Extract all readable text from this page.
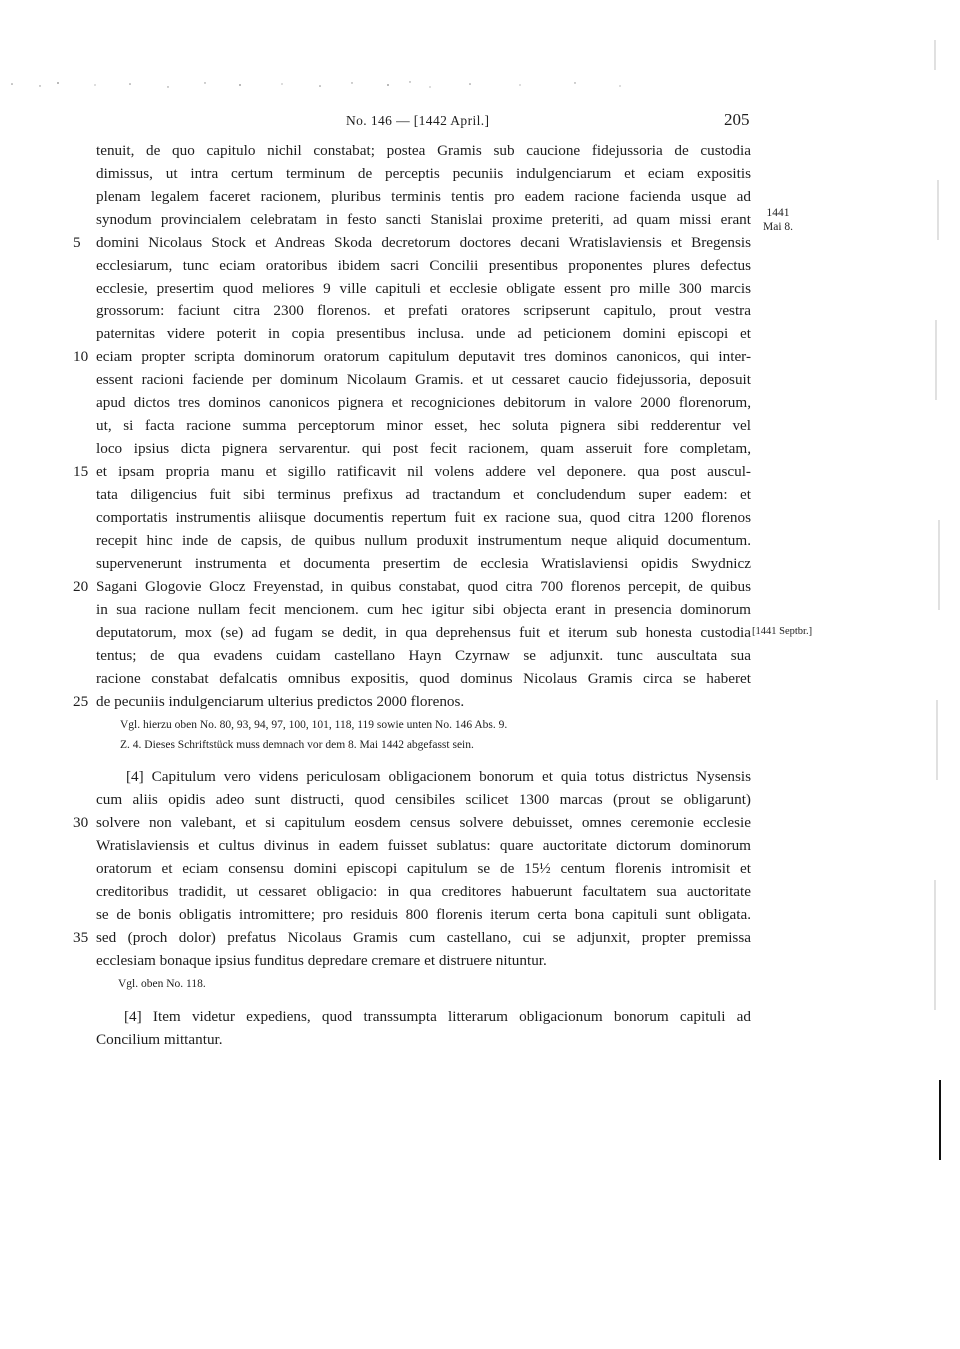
No. 146 — [1442 April.]	205
tenuit, de quo capitulo nichil constabat; postea Gramis sub caucione fidejussoria de custodia
dimissus, ut intra certum terminum de perceptis pecuniis indulgenciarum et eciam expositis
plenam legalem faceret racionem, pluribus terminis tentis pro eadem racione facienda usque ad
synodum provincialem celebratam in festo sancti Stanislai proxime preteriti, ad quam missi erant
domini Nicolaus Stock et Andreas Skoda decretorum doctores decani Wratislaviensis et Bregensis
ecclesiarum, tunc eciam oratoribus ibidem sacri Concilii presentibus proponentes plures defectus
ecclesie, presertim quod meliores 9 ville capituli et ecclesie obligate essent pro mille 300 marcis
grossorum: faciunt citra 2300 florenos. et prefati oratores scripserunt capitulo, prout vestra
paternitas videre poterit in copia presentibus inclusa. unde ad peticionem domini episcopi et
eciam propter scripta dominorum oratorum capitulum deputavit tres dominos canonicos, qui inter-
essent racioni faciende per dominum Nicolaum Gramis. et ut cessaret caucio fidejussoria, deposuit
apud dictos tres dominos canonicos pignera et recogniciones debitorum in valore 2000 florenorum,
ut, si facta racione summa perceptorum minor esset, hec soluta pignera sibi redderentur vel
loco ipsius dicta pignera servarentur. qui post fecit racionem, quam asseruit fore completam,
et ipsam propria manu et sigillo ratificavit nil volens addere vel deponere. qua post auscul-
tata diligencius fuit sibi terminus prefixus ad tractandum et concludendum super eadem: et
comportatis instrumentis aliisque documentis repertum fuit ex racione sua, quod citra 1200 florenos
recepit hinc inde de capsis, de quibus nullum produxit instrumentum neque aliquid documentum.
supervenerunt instrumenta et documenta presertim de ecclesia Wratislaviensi opidis Swydnicz
Sagani Glogovie Glocz Freyenstad, in quibus constabat, quod citra 700 florenos percepit, de quibus
in sua racione nullam fecit mencionem. cum hec igitur sibi objecta erant in presencia dominorum
deputatorum, mox (se) ad fugam se dedit, in qua deprehensus fuit et iterum sub honesta custodia
tentus; de qua evadens cuidam castellano Hayn Czyrnaw se adjunxit. tunc auscultata sua
racione constabat defalcatis omnibus expositis, quod dominus Nicolaus Gramis circa se haberet
de pecuniis indulgenciarum ulterius predictos 2000 florenos.
5
10
15
20
25
1441
Mai 8.
[1441 Septbr.]
Vgl. hierzu oben No. 80, 93, 94, 97, 100, 101, 118, 119 sowie unten No. 146 Abs. 9.
Z. 4. Dieses Schriftstück muss demnach vor dem 8. Mai 1442 abgefasst sein.
[4] Capitulum vero videns periculosam obligacionem bonorum et quia totus districtus Nysensis
cum aliis opidis adeo sunt distructi, quod censibiles scilicet 1300 marcas (prout se obligarunt)
solvere non valebant, et si capitulum eosdem census solvere debuisset, omnes ceremonie ecclesie
Wratislaviensis et cultus divinus in eadem fuisset sublatus: quare auctoritate dictorum dominorum
oratorum et eciam consensu domini episcopi capitulum se de 15½ centum florenis intromisit et
creditoribus tradidit, ut cessaret obligacio: in qua creditores habuerunt facultatem sua auctoritate
se de bonis obligatis intromittere; pro residuis 800 florenis iterum certa bona capituli sunt obligata.
sed (proch dolor) prefatus Nicolaus Gramis cum castellano, cui se adjunxit, propter premissa
ecclesiam bonaque ipsius funditus depredare cremare et distruere nituntur.
30
35
Vgl. oben No. 118.
[4] Item videtur expediens, quod transsumpta litterarum obligacionum bonorum capituli ad
Concilium mittantur.
